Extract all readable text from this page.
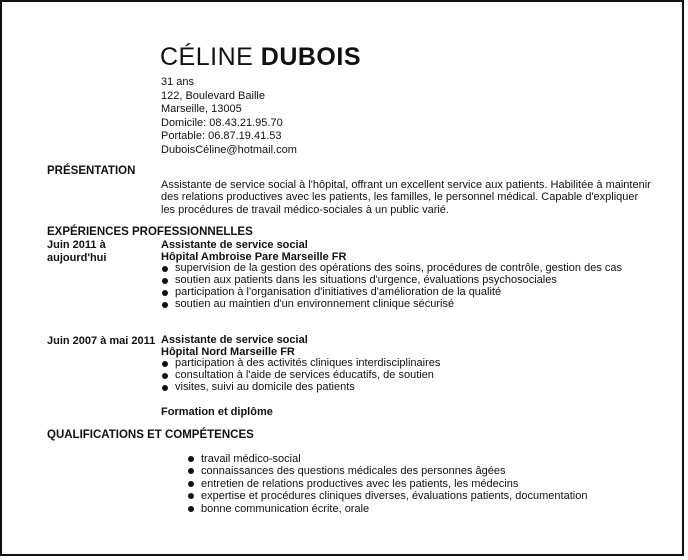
CÉLINE DUBOIS
31 ans
122, Boulevard Baille
Marseille, 13005
Domicile: 08.43.21.95.70
Portable: 06.87.19.41.53
DuboisCéline@hotmail.com
PRÉSENTATION
Assistante de service social à l'hôpital, offrant un excellent service aux patients. Habilitée à maintenir des relations productives avec les patients, les familles, le personnel médical. Capable d'expliquer les procédures de travail médico-sociales à un public varié.
EXPÉRIENCES PROFESSIONNELLES
Juin 2011 à
aujourd'hui
Assistante de service social
Hôpital Ambroise Pare Marseille FR
supervision de la gestion des opérations des soins, procédures de contrôle, gestion des cas
soutien aux patients dans les situations d'urgence, évaluations psychosociales
participation à l'organisation d'initiatives d'amélioration de la qualité
soutien au maintien d'un environnement clinique sécurisé
Juin 2007 à mai 2011 Assistante de service social
Hôpital Nord Marseille FR
participation à des activités cliniques interdisciplinaires
consultation à l'aide de services éducatifs, de soutien
visites, suivi au domicile des patients
Formation et diplôme
QUALIFICATIONS ET COMPÉTENCES
travail médico-social
connaissances des questions médicales des personnes âgées
entretien de relations productives avec les patients, les médecins
expertise et procédures cliniques diverses, évaluations patients, documentation
bonne communication écrite, orale
